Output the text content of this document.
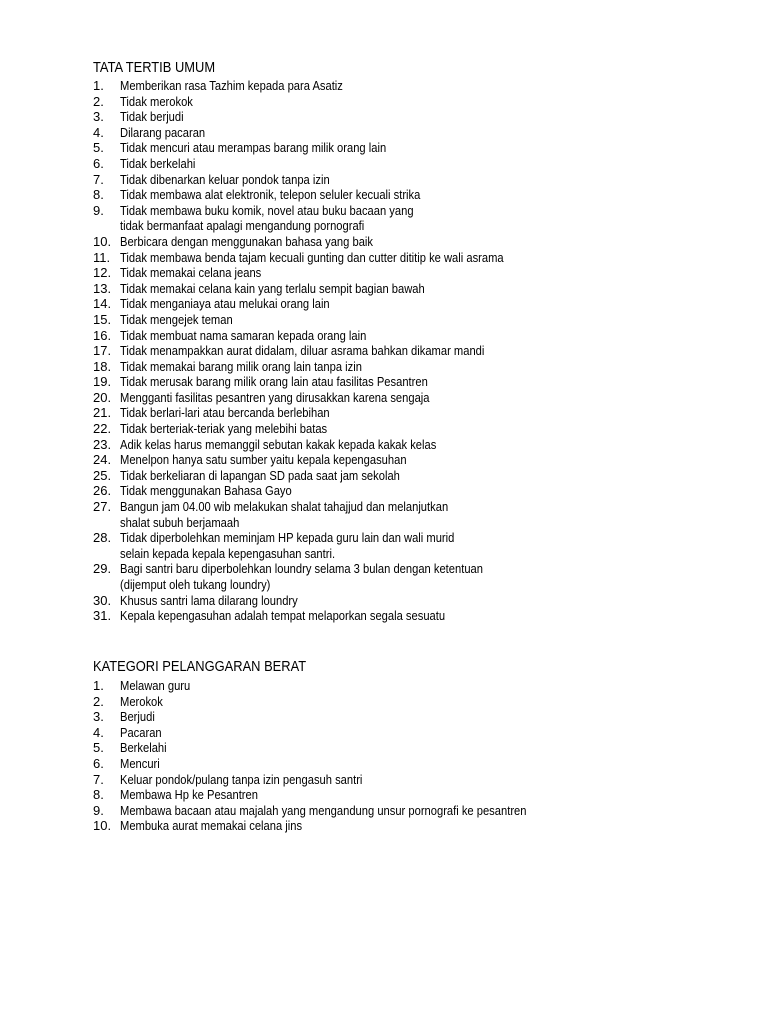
TATA TERTIB UMUM
1.	Memberikan rasa Tazhim kepada para Asatiz
2.	Tidak merokok
3.	Tidak berjudi
4.	Dilarang pacaran
5.	Tidak mencuri atau merampas barang milik orang lain
6.	Tidak berkelahi
7.	Tidak dibenarkan keluar pondok tanpa izin
8.	Tidak membawa alat elektronik, telepon seluler kecuali strika
9.	Tidak membawa buku komik, novel atau buku bacaan yang
tidak bermanfaat apalagi mengandung pornografi
10. Berbicara dengan menggunakan bahasa yang baik
11. Tidak membawa benda tajam kecuali gunting dan cutter dititip ke wali asrama
12. Tidak memakai celana jeans
13. Tidak memakai celana kain yang terlalu sempit bagian bawah
14. Tidak menganiaya atau melukai orang lain
15. Tidak mengejek teman
16. Tidak membuat nama samaran kepada orang lain
17. Tidak menampakkan aurat didalam, diluar asrama bahkan dikamar mandi
18. Tidak memakai barang milik orang lain tanpa izin
19. Tidak merusak barang milik orang lain atau fasilitas Pesantren
20. Mengganti fasilitas pesantren yang dirusakkan karena sengaja
21. Tidak berlari-lari atau bercanda berlebihan
22. Tidak berteriak-teriak yang melebihi batas
23. Adik kelas harus memanggil sebutan kakak kepada kakak kelas
24. Menelpon hanya satu sumber yaitu kepala kepengasuhan
25. Tidak berkeliaran di lapangan SD pada saat jam sekolah
26. Tidak menggunakan Bahasa Gayo
27. Bangun jam 04.00 wib melakukan shalat tahajjud dan melanjutkan
shalat subuh berjamaah
28. Tidak diperbolehkan meminjam HP kepada guru lain dan wali murid
selain kepada kepala kepengasuhan santri.
29. Bagi santri baru diperbolehkan loundry selama 3 bulan dengan ketentuan
(dijemput oleh tukang loundry)
30. Khusus santri lama dilarang loundry
31. Kepala kepengasuhan adalah tempat melaporkan segala sesuatu
KATEGORI PELANGGARAN BERAT
1.	Melawan guru
2.	Merokok
3.	Berjudi
4.	Pacaran
5.	Berkelahi
6.	Mencuri
7.	Keluar pondok/pulang tanpa izin pengasuh santri
8.	Membawa Hp ke Pesantren
9.	Membawa bacaan atau majalah yang mengandung unsur pornografi ke pesantren
10. Membuka aurat memakai celana jins
